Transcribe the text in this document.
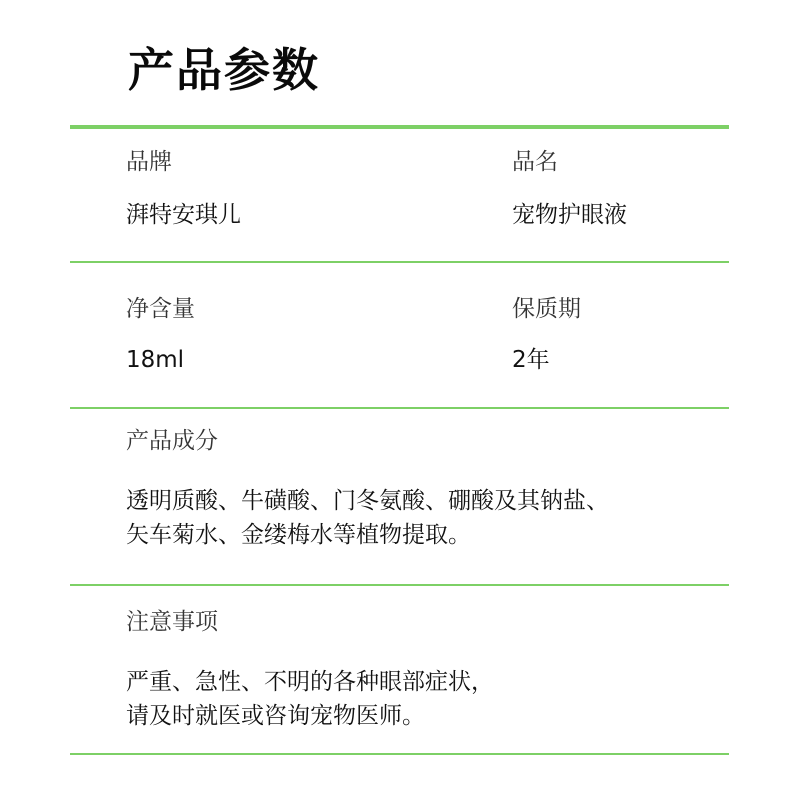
产品参数
品牌
湃特安琪儿
品名
宠物护眼液
净含量
18ml
保质期
2年
产品成分
透明质酸、牛磺酸、门冬氨酸、硼酸及其钠盐、
矢车菊水、金缕梅水等植物提取。
注意事项
严重、急性、不明的各种眼部症状，
请及时就医或咨询宠物医师。
